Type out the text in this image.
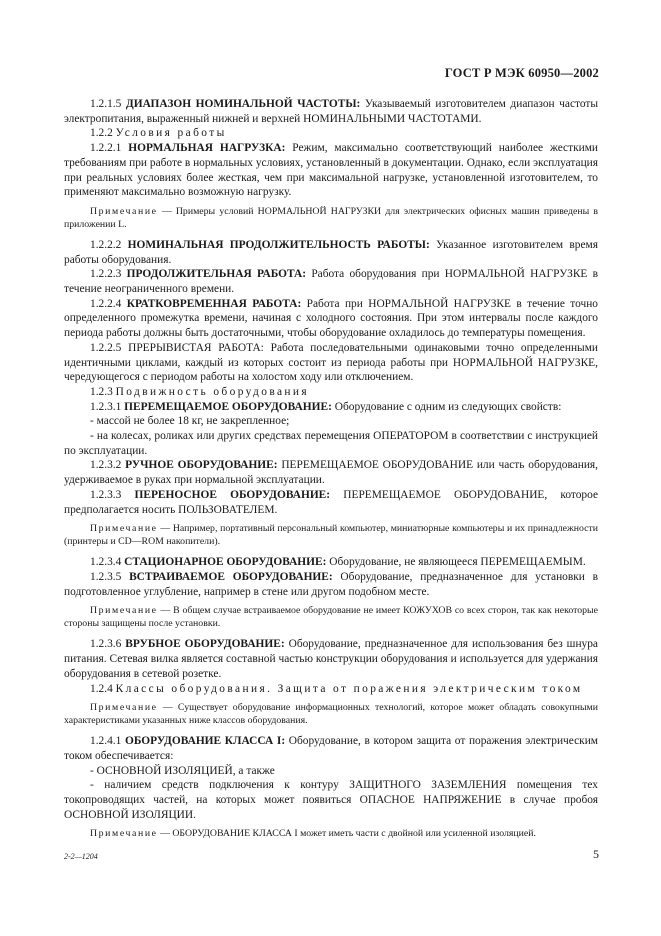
ГОСТ Р МЭК 60950—2002

1.2.1.5 ДИАПАЗОН НОМИНАЛЬНОЙ ЧАСТОТЫ: Указываемый изготовителем диапазон частоты электропитания, выраженный нижней и верхней НОМИНАЛЬНЫМИ ЧАСТОТАМИ.

1.2.2 Условия работы

1.2.2.1 НОРМАЛЬНАЯ НАГРУЗКА: Режим, максимально соответствующий наиболее жесткими требованиям при работе в нормальных условиях, установленный в документации. Однако, если эксплуатация при реальных условиях более жесткая, чем при максимальной нагрузке, установленной изготовителем, то применяют максимально возможную нагрузку.

Примечание — Примеры условий НОРМАЛЬНОЙ НАГРУЗКИ для электрических офисных машин приведены в приложении L.

1.2.2.2 НОМИНАЛЬНАЯ ПРОДОЛЖИТЕЛЬНОСТЬ РАБОТЫ: Указанное изготовителем время работы оборудования.

1.2.2.3 ПРОДОЛЖИТЕЛЬНАЯ РАБОТА: Работа оборудования при НОРМАЛЬНОЙ НАГРУЗКЕ в течение неограниченного времени.

1.2.2.4 КРАТКОВРЕМЕННАЯ РАБОТА: Работа при НОРМАЛЬНОЙ НАГРУЗКЕ в течение точно определенного промежутка времени, начиная с холодного состояния. При этом интервалы после каждого периода работы должны быть достаточными, чтобы оборудование охладилось до температуры помещения.

1.2.2.5 ПРЕРЫВИСТАЯ РАБОТА: Работа последовательными одинаковыми точно определенными идентичными циклами, каждый из которых состоит из периода работы при НОРМАЛЬНОЙ НАГРУЗКЕ, чередующегося с периодом работы на холостом ходу или отключением.

1.2.3 Подвижность оборудования

1.2.3.1 ПЕРЕМЕЩАЕМОЕ ОБОРУДОВАНИЕ: Оборудование с одним из следующих свойств:

- массой не более 18 кг, не закрепленное;

- на колесах, роликах или других средствах перемещения ОПЕРАТОРОМ в соответствии с инструкцией по эксплуатации.

1.2.3.2 РУЧНОЕ ОБОРУДОВАНИЕ: ПЕРЕМЕЩАЕМОЕ ОБОРУДОВАНИЕ или часть оборудования, удерживаемое в руках при нормальной эксплуатации.

1.2.3.3 ПЕРЕНОСНОЕ ОБОРУДОВАНИЕ: ПЕРЕМЕЩАЕМОЕ ОБОРУДОВАНИЕ, которое предполагается носить ПОЛЬЗОВАТЕЛЕМ.

Примечание — Например, портативный персональный компьютер, миниатюрные компьютеры и их принадлежности (принтеры и CD—ROM накопители).

1.2.3.4 СТАЦИОНАРНОЕ ОБОРУДОВАНИЕ: Оборудование, не являющееся ПЕРЕМЕЩАЕМЫМ.

1.2.3.5 ВСТРАИВАЕМОЕ ОБОРУДОВАНИЕ: Оборудование, предназначенное для установки в подготовленное углубление, например в стене или другом подобном месте.

Примечание — В общем случае встраиваемое оборудование не имеет КОЖУХОВ со всех сторон, так как некоторые стороны защищены после установки.

1.2.3.6 ВРУБНОЕ ОБОРУДОВАНИЕ: Оборудование, предназначенное для использования без шнура питания. Сетевая вилка является составной частью конструкции оборудования и используется для удержания оборудования в сетевой розетке.

1.2.4 Классы оборудования. Защита от поражения электрическим током

Примечание — Существует оборудование информационных технологий, которое может обладать совокупными характеристиками указанных ниже классов оборудования.

1.2.4.1 ОБОРУДОВАНИЕ КЛАССА I: Оборудование, в котором защита от поражения электрическим током обеспечивается:

- ОСНОВНОЙ ИЗОЛЯЦИЕЙ, а также

- наличием средств подключения к контуру ЗАЩИТНОГО ЗАЗЕМЛЕНИЯ помещения тех токопроводящих частей, на которых может появиться ОПАСНОЕ НАПРЯЖЕНИЕ в случае пробоя ОСНОВНОЙ ИЗОЛЯЦИИ.

Примечание — ОБОРУДОВАНИЕ КЛАССА I может иметь части с двойной или усиленной изоляцией.

2-2—1204	5
